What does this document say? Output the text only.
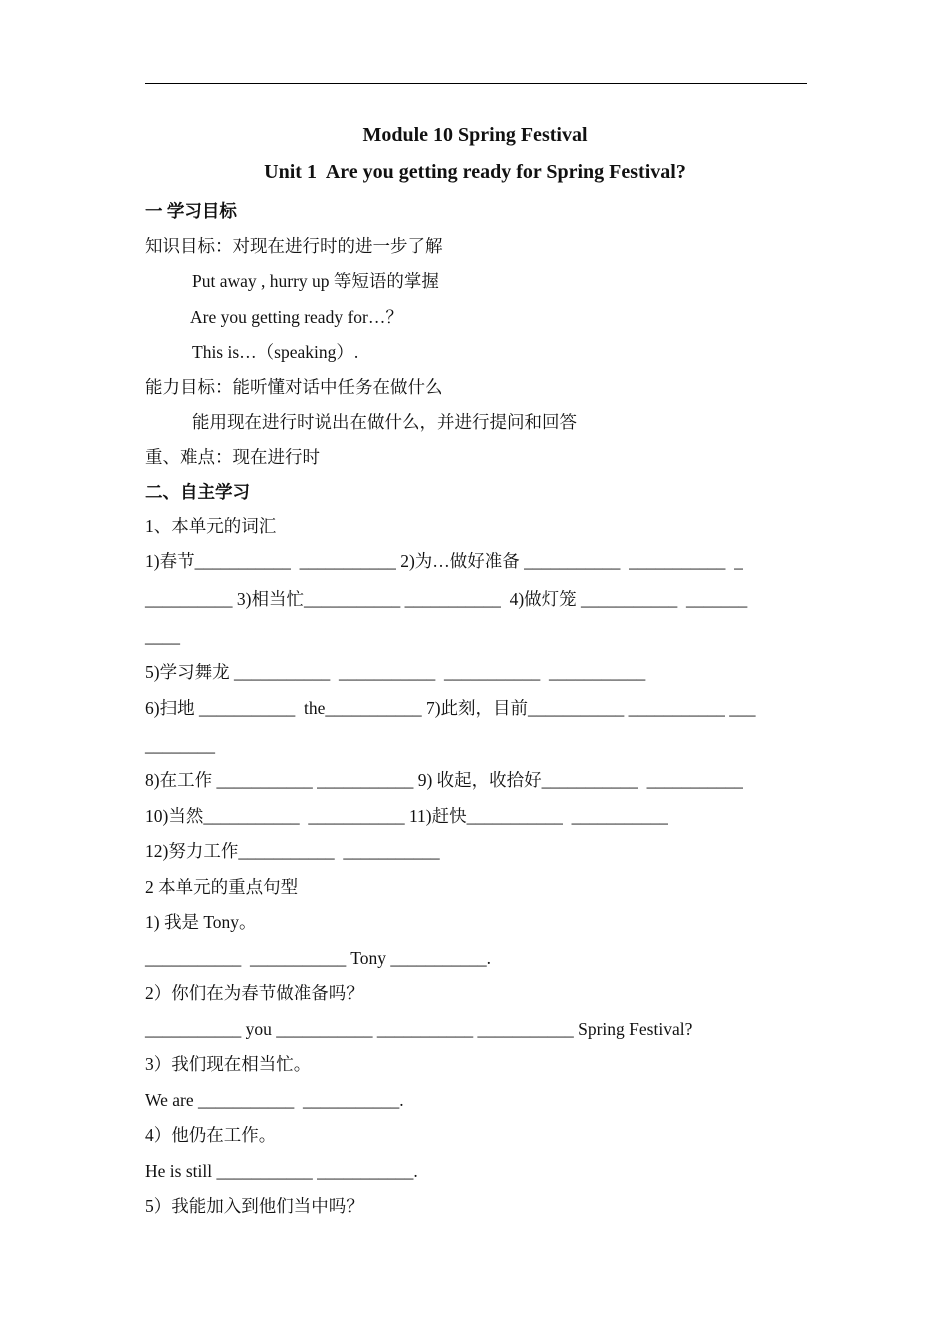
Module 10 Spring Festival
Unit 1  Are you getting ready for Spring Festival?
一 学习目标
知识目标：对现在进行时的进一步了解
Put away , hurry up 等短语的掌握
Are you getting ready for…？
This is…（speaking）.
能力目标：能听懂对话中任务在做什么
能用现在进行时说出在做什么，并进行提问和回答
重、难点：现在进行时
二、自主学习
1、本单元的词汇
1)春节___________  ___________ 2)为…做好准备 ___________  ___________  _
__________ 3)相当忙___________ ___________  4)做灯笼 ___________  _______
____
5)学习舞龙 ___________  ___________  ___________  ___________
6)扫地 ___________  the___________ 7)此刻，目前___________ ___________ ___
________
8)在工作 ___________ ___________ 9) 收起，收拾好___________  ___________
10)当然___________  ___________ 11)赶快___________  ___________
12)努力工作___________  ___________
2 本单元的重点句型
1) 我是 Tony。
___________  ___________ Tony ___________.
2）你们在为春节做准备吗？
___________ you ___________ ___________ ___________ Spring Festival?
3）我们现在相当忙。
We are ___________  ___________.
4）他仍在工作。
He is still ___________ ___________.
5）我能加入到他们当中吗？
